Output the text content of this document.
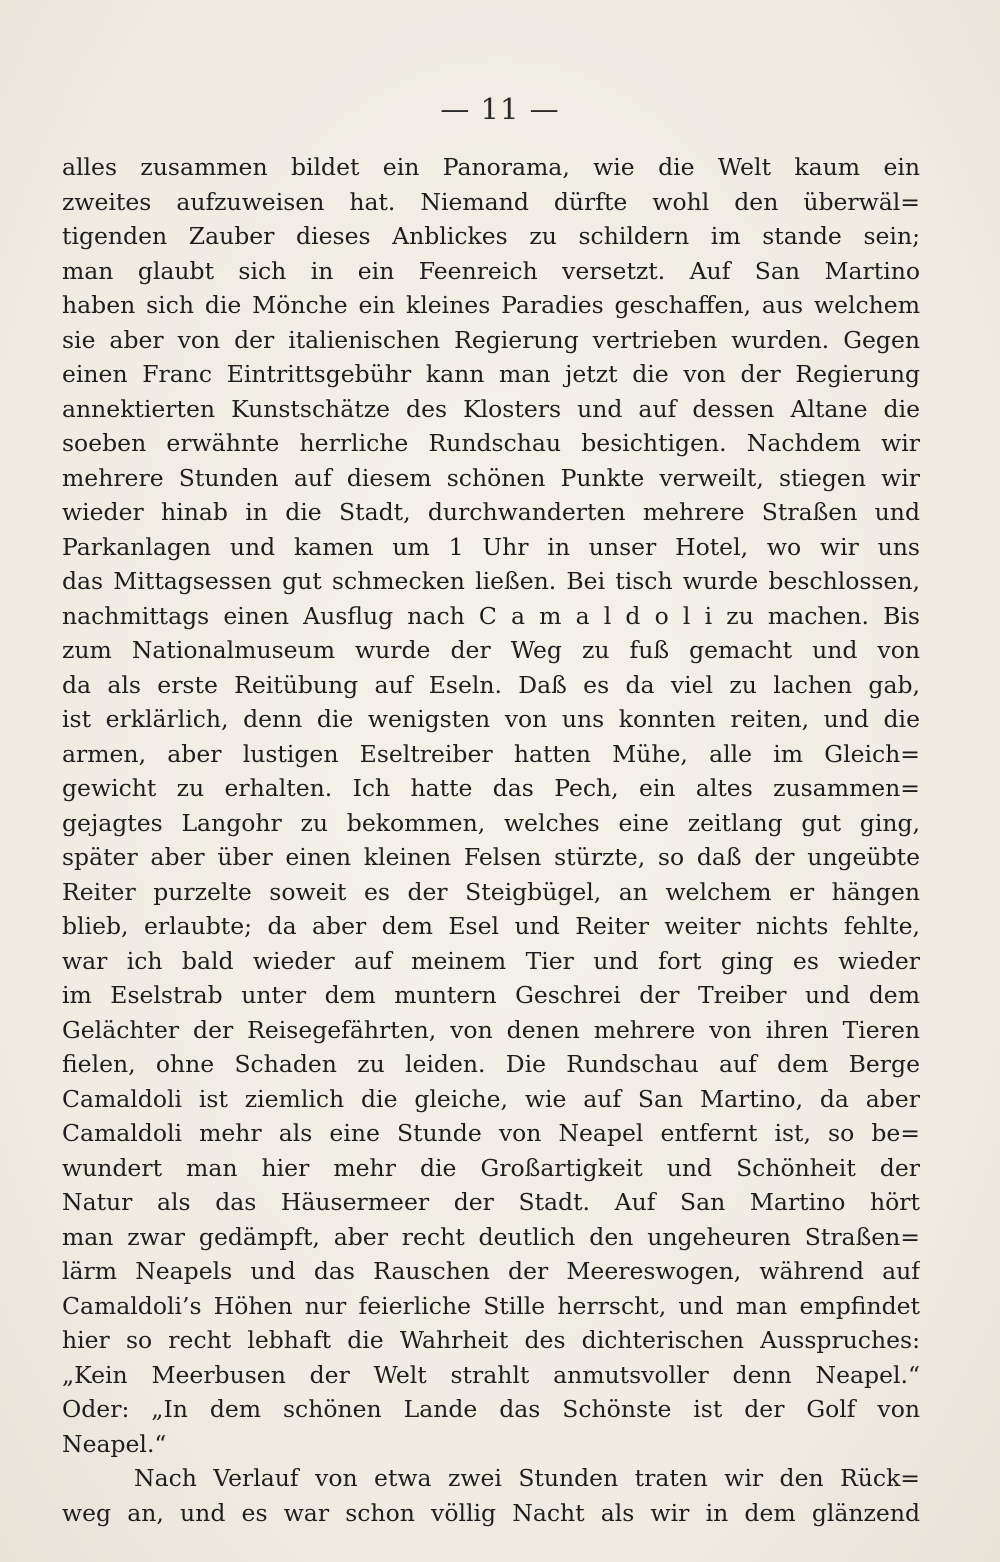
— 11 —
alles zusammen bildet ein Panorama, wie die Welt kaum ein
zweites aufzuweisen hat. Niemand dürfte wohl den überwäl=
tigenden Zauber dieses Anblickes zu schildern im stande sein;
man glaubt sich in ein Feenreich versetzt. Auf San Martino
haben sich die Mönche ein kleines Paradies geschaffen, aus welchem
sie aber von der italienischen Regierung vertrieben wurden. Gegen
einen Franc Eintrittsgebühr kann man jetzt die von der Regierung
annektierten Kunstschätze des Klosters und auf dessen Altane die
soeben erwähnte herrliche Rundschau besichtigen. Nachdem wir
mehrere Stunden auf diesem schönen Punkte verweilt, stiegen wir
wieder hinab in die Stadt, durchwanderten mehrere Straßen und
Parkanlagen und kamen um 1 Uhr in unser Hotel, wo wir uns
das Mittagsessen gut schmecken ließen. Bei tisch wurde beschlossen,
nachmittags einen Ausflug nach C a m a l d o l i zu machen. Bis
zum Nationalmuseum wurde der Weg zu fuß gemacht und von
da als erste Reitübung auf Eseln. Daß es da viel zu lachen gab,
ist erklärlich, denn die wenigsten von uns konnten reiten, und die
armen, aber lustigen Eseltreiber hatten Mühe, alle im Gleich=
gewicht zu erhalten. Ich hatte das Pech, ein altes zusammen=
gejagtes Langohr zu bekommen, welches eine zeitlang gut ging,
später aber über einen kleinen Felsen stürzte, so daß der ungeübte
Reiter purzelte soweit es der Steigbügel, an welchem er hängen
blieb, erlaubte; da aber dem Esel und Reiter weiter nichts fehlte,
war ich bald wieder auf meinem Tier und fort ging es wieder
im Eselstrab unter dem muntern Geschrei der Treiber und dem
Gelächter der Reisegefährten, von denen mehrere von ihren Tieren
fielen, ohne Schaden zu leiden. Die Rundschau auf dem Berge
Camaldoli ist ziemlich die gleiche, wie auf San Martino, da aber
Camaldoli mehr als eine Stunde von Neapel entfernt ist, so be=
wundert man hier mehr die Großartigkeit und Schönheit der
Natur als das Häusermeer der Stadt. Auf San Martino hört
man zwar gedämpft, aber recht deutlich den ungeheuren Straßen=
lärm Neapels und das Rauschen der Meereswogen, während auf
Camaldoli’s Höhen nur feierliche Stille herrscht, und man empfindet
hier so recht lebhaft die Wahrheit des dichterischen Ausspruches:
„Kein Meerbusen der Welt strahlt anmutsvoller denn Neapel.“
Oder: „In dem schönen Lande das Schönste ist der Golf von
Neapel.“
Nach Verlauf von etwa zwei Stunden traten wir den Rück=
weg an, und es war schon völlig Nacht als wir in dem glänzend
